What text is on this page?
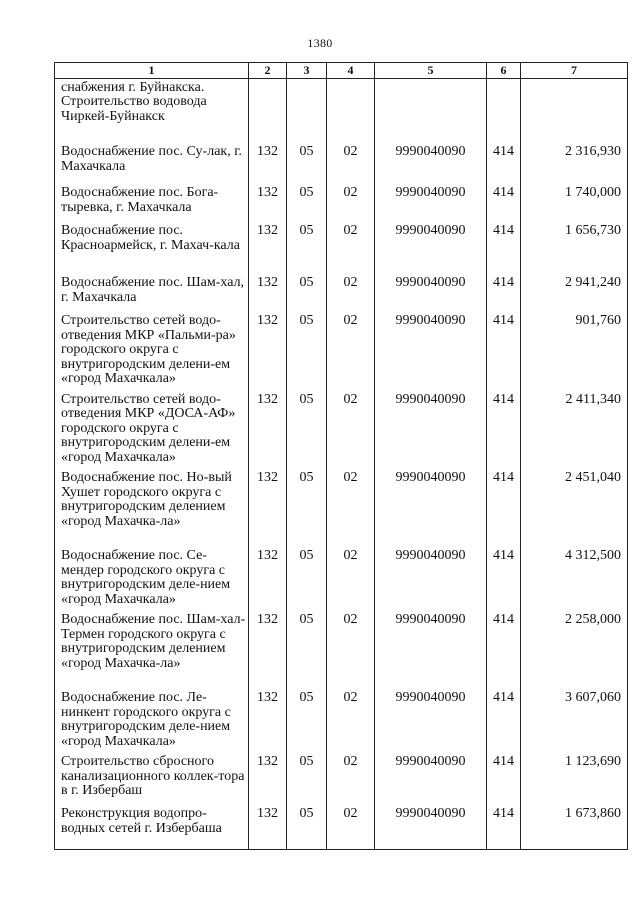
1380
1	2	3	4	5	6	7

снабжения г. Буйнакска. Строительство водовода Чиркей-Буйнакск						

Водоснабжение пос. Су-лак, г. Махачкала	132	05	02	9990040090	414	2 316,930

Водоснабжение пос. Бога-тыревка, г. Махачкала	132	05	02	9990040090	414	1 740,000

Водоснабжение пос. Красноармейск, г. Махач-кала	132	05	02	9990040090	414	1 656,730

Водоснабжение пос. Шам-хал, г. Махачкала	132	05	02	9990040090	414	2 941,240

Строительство сетей водо-отведения МКР «Пальми-ра» городского округа с внутригородским делени-ем «город Махачкала»	132	05	02	9990040090	414	901,760

Строительство сетей водо-отведения МКР «ДОСА-АФ» городского округа с внутригородским делени-ем «город Махачкала»	132	05	02	9990040090	414	2 411,340

Водоснабжение пос. Но-вый Хушет городского округа с внутригородским делением «город Махачка-ла»	132	05	02	9990040090	414	2 451,040

Водоснабжение пос. Се-мендер городского округа с внутригородским деле-нием «город Махачкала»	132	05	02	9990040090	414	4 312,500

Водоснабжение пос. Шам-хал-Термен городского округа с внутригородским делением «город Махачка-ла»	132	05	02	9990040090	414	2 258,000

Водоснабжение пос. Ле-нинкент городского округа с внутригородским деле-нием «город Махачкала»	132	05	02	9990040090	414	3 607,060

Строительство сбросного канализационного коллек-тора в г. Избербаш	132	05	02	9990040090	414	1 123,690

Реконструкция водопро-водных сетей г. Избербаша	132	05	02	9990040090	414	1 673,860
